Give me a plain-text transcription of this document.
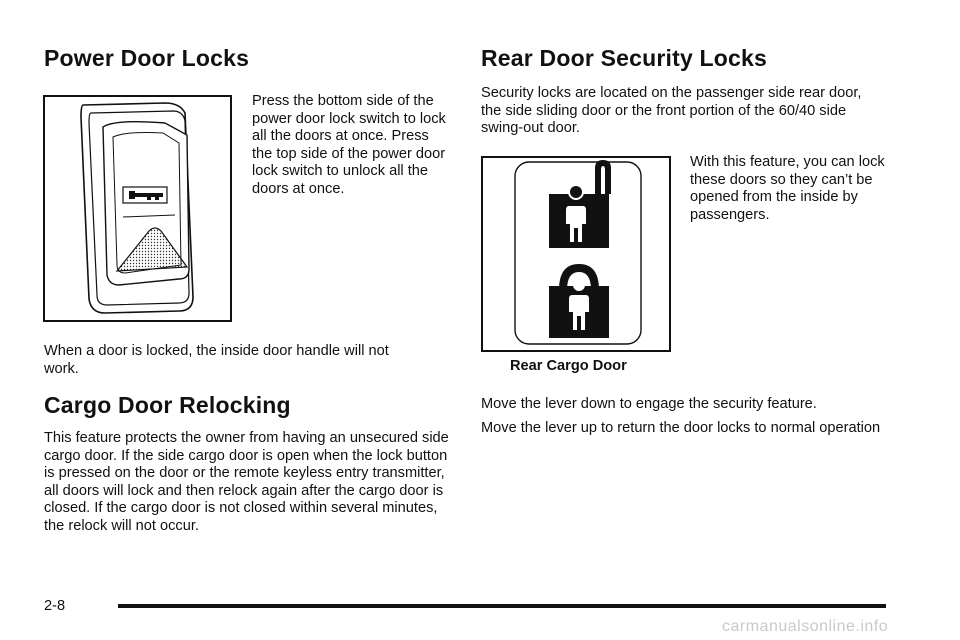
Power Door Locks

Press the bottom side of the power door lock switch to lock all the doors at once. Press the top side of the power door lock switch to unlock all the doors at once.

When a door is locked, the inside door handle will not work.

Cargo Door Relocking

This feature protects the owner from having an unsecured side cargo door. If the side cargo door is open when the lock button is pressed on the door or the remote keyless entry transmitter, all doors will lock and then relock again after the cargo door is closed. If the cargo door is not closed within several minutes, the relock will not occur.

Rear Door Security Locks

Security locks are located on the passenger side rear door, the side sliding door or the front portion of the 60/40 side swing-out door.

With this feature, you can lock these doors so they can’t be opened from the inside by passengers.

Rear Cargo Door

Move the lever down to engage the security feature.

Move the lever up to return the door locks to normal operation

2-8
carmanualsonline.info
